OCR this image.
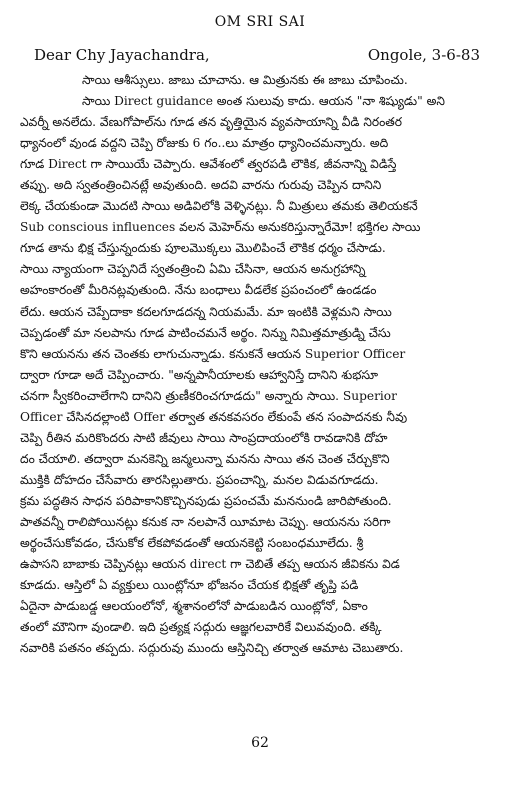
OM SRI SAI
Dear Chy Jayachandra,	Ongole, 3-6-83
సాయి ఆశీస్సులు. జాబు చూచాను. ఆ మిత్రునకు ఈ జాబు చూపించు.
సాయి Direct guidance అంత సులువు కాదు. ఆయన "నా శిష్యుడు" అని
ఎవర్నీ అనలేదు. వేణుగోపాల్‌ను గూడ తన వృత్తియైన వ్యవసాయాన్ని వీడి నిరంతర
ధ్యానంలో వుండ వద్దని చెప్పి రోజుకు 6 గం..లు మాత్రం ధ్యానించమన్నారు. అది
గూడ Direct గా సాయియే చెప్పారు. ఆవేశంలో త్వరపడి లౌకిక, జీవనాన్ని విడిస్తే
తప్పు. అది స్వతంత్రించినట్లే అవుతుంది. అదవి వారను గురువు చెప్పిన దానిని
లెక్క చేయకుండా మొదటి సాయి అడివిలోకి వెళ్ళినట్లు. నీ మిత్రులు తమకు తెలియకనే
Sub conscious influences వలన మెహెర్‌ను అనుకరిస్తున్నారేమో! భక్తిగల సాయి
గూడ తాను భిక్ష చేస్తున్నందుకు పూలమొక్కలు మొలిపించే లౌకిక ధర్మం చేసాడు.
సాయి న్యాయంగా చెప్పనిదే స్వతంత్రించి ఏమి చేసినా, ఆయన అనుగ్రహాన్ని
అహంకారంతో మీరినట్లవుతుంది. నేను బంధాలు వీడలేక ప్రపంచంలో ఉండడం
లేదు. ఆయన చెప్పేదాకా కదలగూడదన్న నియమమే. మా ఇంటికి వెళ్లమని సాయి
చెప్పడంతో మా నలపాను గూడ పాటించమనే అర్థం. నిన్ను నిమిత్తమాత్రుడ్ని చేసు
కొని ఆయనను తన చెంతకు లాగుచున్నాడు. కనుకనే ఆయన Superior Officer
ద్వారా గూడా అదే చెప్పించారు. "అన్నపానీయాలకు ఆహ్వానిస్తే దానిని శుభసూ
చనగా స్వీకరించాలేగాని దానిని త్రుణీకరించగూడదు" అన్నారు సాయి. Superior
Officer చేసినదల్లాంటి Offer తర్వాత తనకవసరం లేకుంపే తన సంపాదనకు నీవు
చెప్పి రీతిన మరికొందరు సాటి జీవులు సాయి సాంప్రదాయంలోకి రావడానికి దోహ
దం చేయాలి. తద్వారా మనకెన్ని జన్మలున్నా మనను సాయి తన చెంత చేర్చుకొని
ముక్తికి దోహదం చేసేవారు తారసిల్లుతారు. ప్రపంచాన్ని, మనల విడువగూడదు.
క్రమ పద్ధతిన సాధన పరిపాకానికొచ్చినపుడు ప్రపంచమే మననుండి జారిపోతుంది.
పాతవన్నీ రాలిపోయినట్లు కనుక నా నలపానే యీమాట చెప్పు. ఆయనను సరిగా
అర్థంచేసుకోవడం, చేసుకోక లేకపోవడంతో ఆయనకెట్టి సంబంధమూలేదు. శ్రీ
ఉపాసని బాబాకు చెప్పినట్లు ఆయన direct గా చెబితే తప్ప ఆయన జీవికను విడ
కూడదు. ఆస్తిలో ఏ వ్యక్తులు యింట్లోనూ భోజనం చేయక భిక్షతో తృప్తి పడి
ఏదైనా పాడుబడ్డ ఆలయంలోనో, శ్మశానంలోనో పాడుబడిన యింట్లోనో, ఏకాం
తంలో మౌనిగా వుండాలి. ఇది ప్రత్యక్ష సద్గురు ఆజ్ఞగలవారికే విలువవుంది. తక్కి
నవారికి పతనం తప్పదు. సద్గురువు ముందు ఆస్తినిచ్చి తర్వాత ఆమాట చెబుతారు.
62
